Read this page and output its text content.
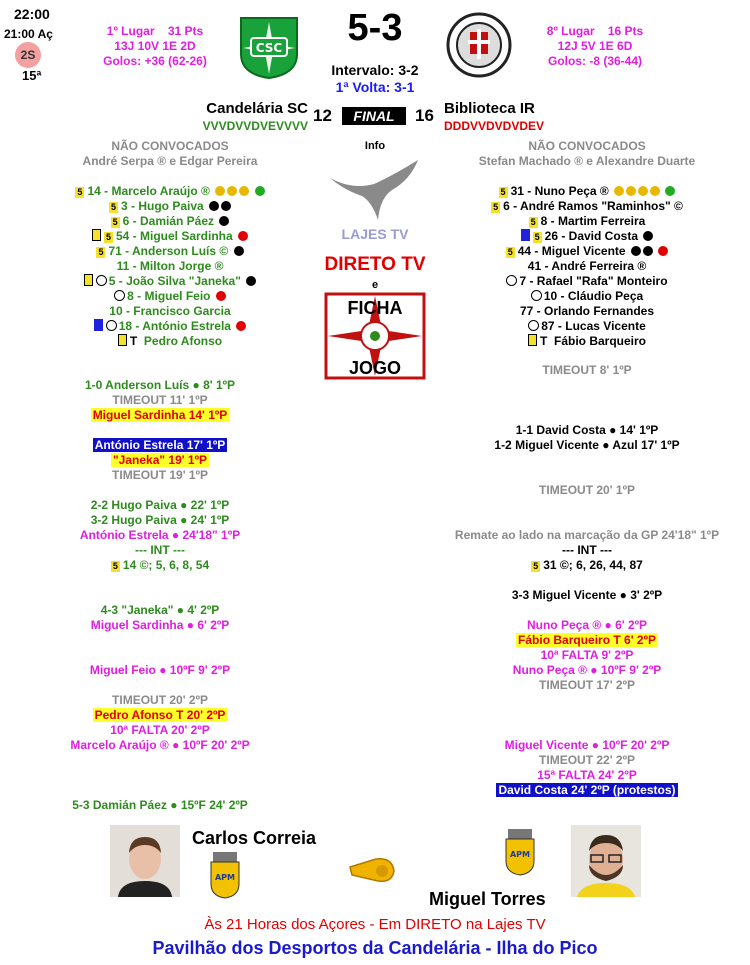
22:00
21:00 Aç
2S
15ª
1º Lugar 31 Pts
13J 10V 1E 2D
Golos: +36 (62-26)
CSC	5-3
Intervalo: 3-2
1ª Volta: 3-1
8º Lugar 16 Pts
12J 5V 1E 6D
Golos: -8 (36-44)
Candelária SC
VVVDVVDVEVVVV
12	FINAL	16 Biblioteca IR
DDDVVDVDVDEV
Info
NÃO CONVOCADOS
André Serpa ® e Edgar Pereira
5 14 - Marcelo Araújo ®
5 3 - Hugo Paiva
5 6 - Damián Páez
5 54 - Miguel Sardinha
5 71 - Anderson Luís ©
11 - Milton Jorge ®
5 - João Silva "Janeka"
8 - Miguel Feio
10 - Francisco Garcia
18 - António Estrela
T Pedro Afonso
NÃO CONVOCADOS
Stefan Machado ® e Alexandre Duarte
5 31 - Nuno Peça ®
5 6 - André Ramos "Raminhos" ©
5 8 - Martim Ferreira
5 26 - David Costa
5 44 - Miguel Vicente
41 - André Ferreira ®
7 - Rafael "Rafa" Monteiro
10 - Cláudio Peça
77 - Orlando Fernandes
87 - Lucas Vicente
T Fábio Barqueiro
LAJES TV
DIRETO TV
e
FICHA
JOGO
1-0 Anderson Luís ● 8' 1ºP
TIMEOUT 11' 1ºP
Miguel Sardinha 14' 1ºP
António Estrela 17' 1ºP
"Janeka" 19' 1ºP
TIMEOUT 19' 1ºP
2-2 Hugo Paiva ● 22' 1ºP
3-2 Hugo Paiva ● 24' 1ºP
António Estrela ● 24'18" 1ºP
--- INT ---
5 14 ©; 5, 6, 8, 54
4-3 "Janeka" ● 4' 2ºP
Miguel Sardinha ● 6' 2ºP
Miguel Feio ● 10ºF 9' 2ºP
TIMEOUT 20' 2ºP
Pedro Afonso T 20' 2ºP
10ª FALTA 20' 2ºP
Marcelo Araújo ® ● 10ºF 20' 2ºP
5-3 Damián Páez ● 15ºF 24' 2ºP
TIMEOUT 8' 1ºP
1-1 David Costa ● 14' 1ºP
1-2 Miguel Vicente ● Azul 17' 1ºP
TIMEOUT 20' 1ºP
Remate ao lado na marcação da GP 24'18" 1ºP
--- INT ---
5 31 ©; 6, 26, 44, 87
3-3 Miguel Vicente ● 3' 2ºP
Nuno Peça ® ● 6' 2ºP
Fábio Barqueiro T 6' 2ºP
10ª FALTA 9' 2ºP
Nuno Peça ® ● 10ºF 9' 2ºP
TIMEOUT 17' 2ºP
Miguel Vicente ● 10ºF 20' 2ºP
TIMEOUT 22' 2ºP
15ª FALTA 24' 2ºP
David Costa 24' 2ºP (protestos)
Carlos Correia
APM
APM
Miguel Torres
Às 21 Horas dos Açores - Em DIRETO na Lajes TV
Pavilhão dos Desportos da Candelária - Ilha do Pico
